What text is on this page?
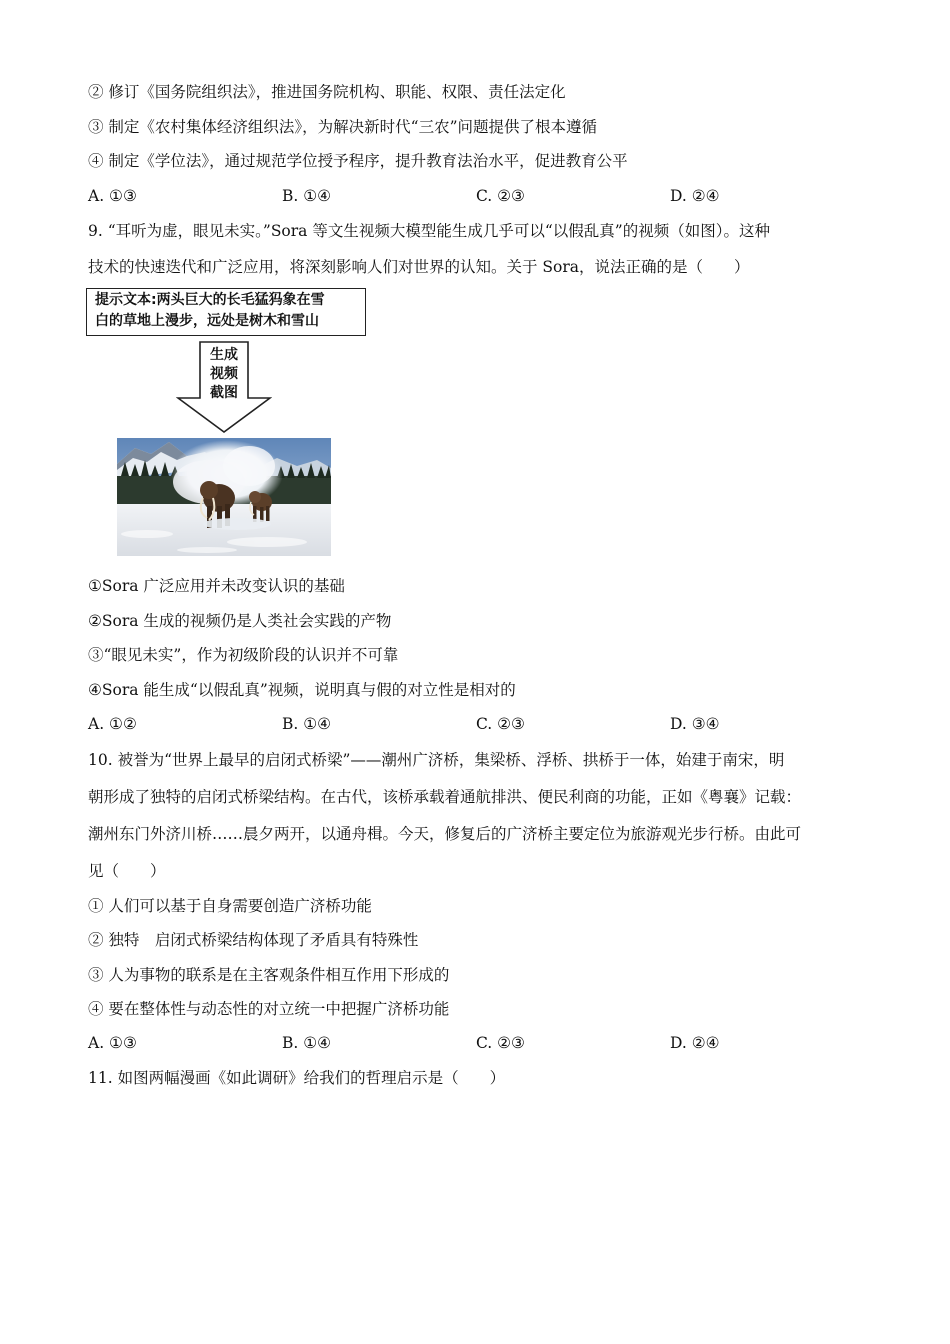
② 修订《国务院组织法》，推进国务院机构、职能、权限、责任法定化
③ 制定《农村集体经济组织法》，为解决新时代“三农”问题提供了根本遵循
④ 制定《学位法》，通过规范学位授予程序，提升教育法治水平，促进教育公平
A. ①③	B. ①④	C. ②③	D. ②④
9. “耳听为虚，眼见未实。”Sora 等文生视频大模型能生成几乎可以“以假乱真”的视频（如图）。这种
技术的快速迭代和广泛应用，将深刻影响人们对世界的认知。关于 Sora，说法正确的是（　　）
提示文本:两头巨大的长毛猛犸象在雪
白的草地上漫步，远处是树木和雪山
生成
视频
截图
①Sora 广泛应用并未改变认识的基础
②Sora 生成的视频仍是人类社会实践的产物
③“眼见未实”，作为初级阶段的认识并不可靠
④Sora 能生成“以假乱真”视频，说明真与假的对立性是相对的
A. ①②	B. ①④	C. ②③	D. ③④
10. 被誉为“世界上最早的启闭式桥梁”——潮州广济桥，集梁桥、浮桥、拱桥于一体，始建于南宋，明
朝形成了独特的启闭式桥梁结构。在古代，该桥承载着通航排洪、便民利商的功能，正如《粤襄》记载：
潮州东门外济川桥……晨夕两开，以通舟楫。今天，修复后的广济桥主要定位为旅游观光步行桥。由此可
见（　　）
① 人们可以基于自身需要创造广济桥功能
② 独特　启闭式桥梁结构体现了矛盾具有特殊性
③ 人为事物的联系是在主客观条件相互作用下形成的
④ 要在整体性与动态性的对立统一中把握广济桥功能
A. ①③	B. ①④	C. ②③	D. ②④
11. 如图两幅漫画《如此调研》给我们的哲理启示是（　　）
